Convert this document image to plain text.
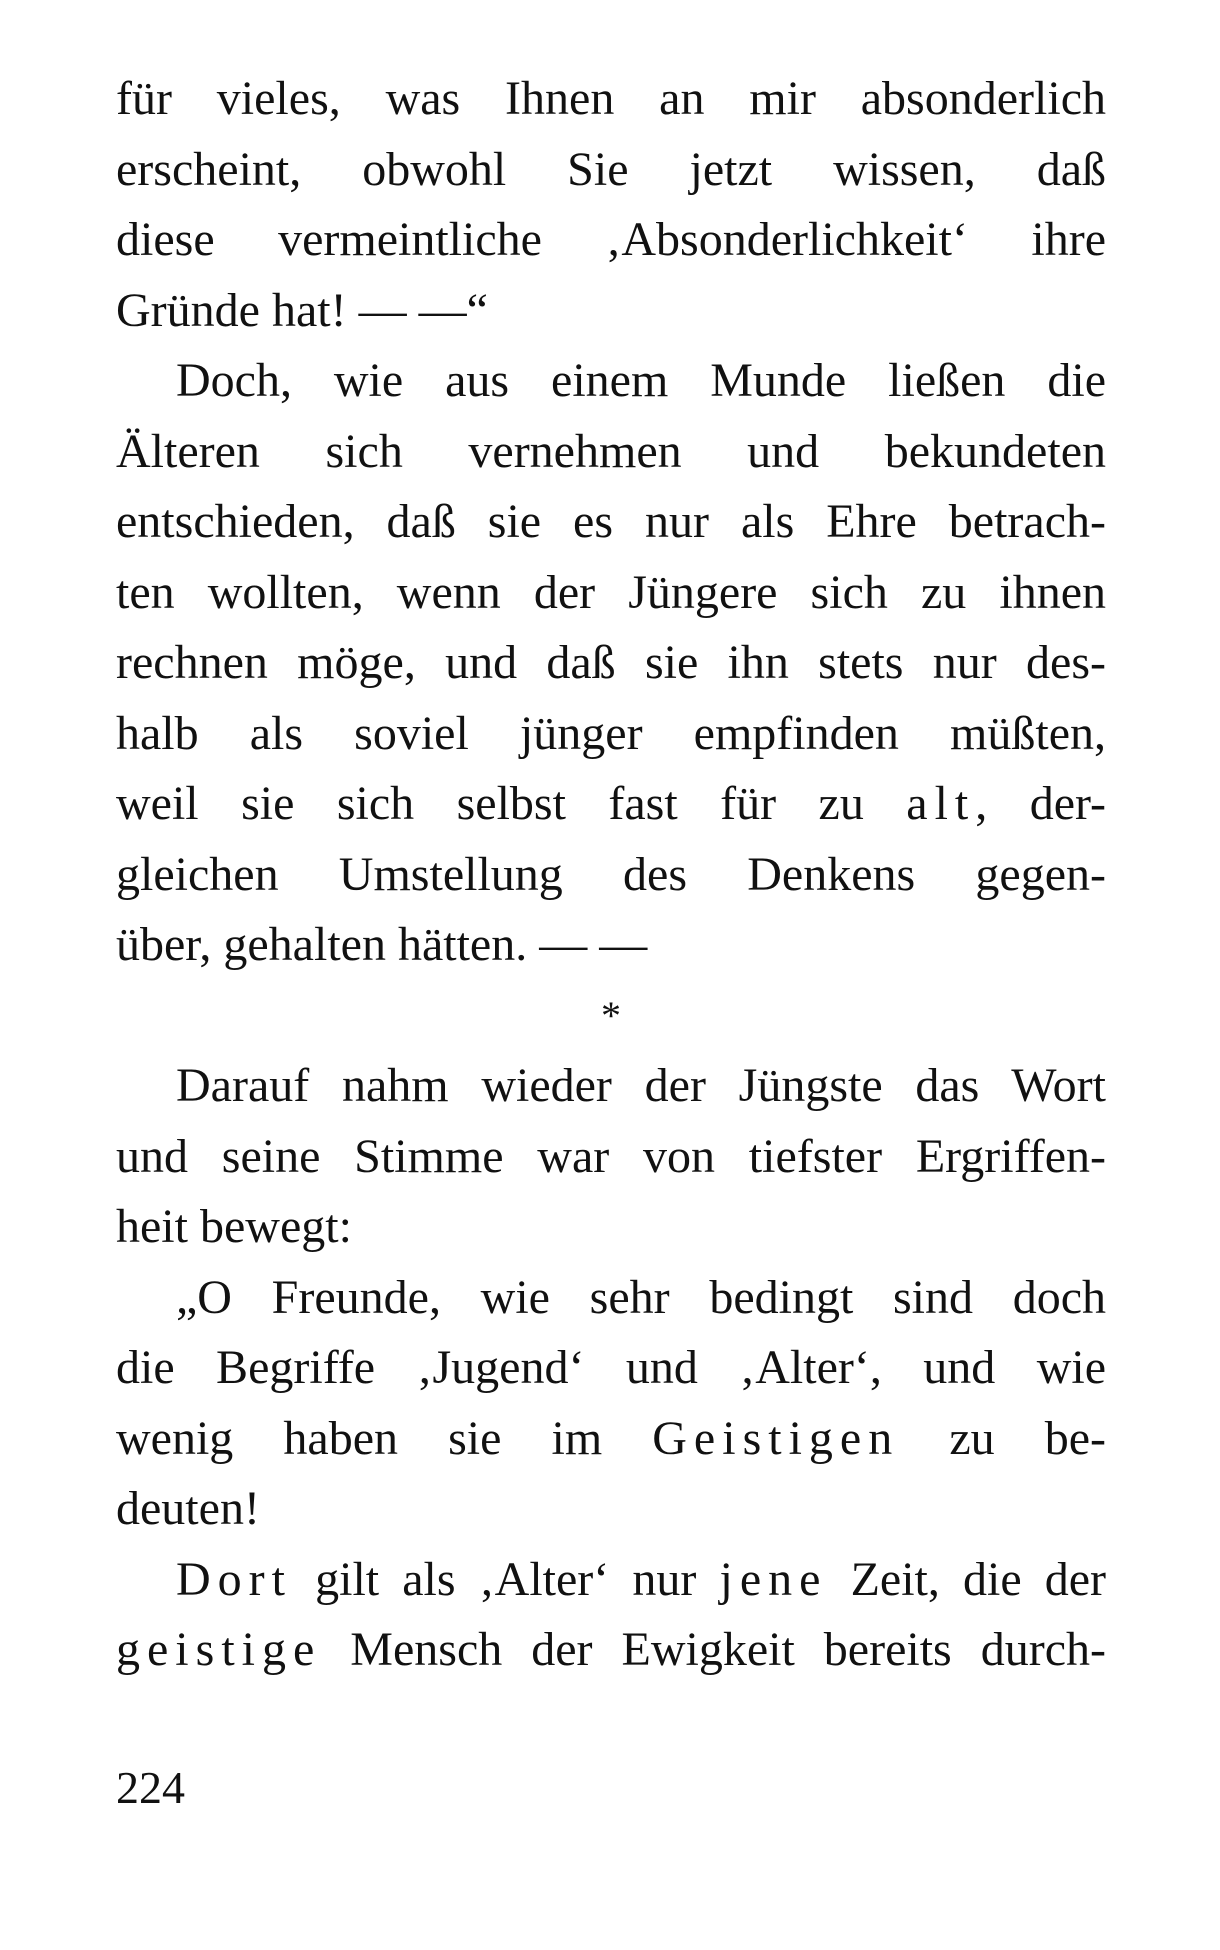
für vieles, was Ihnen an mir absonderlich
erscheint, obwohl Sie jetzt wissen, daß
diese vermeintliche ‚Absonderlichkeit‘ ihre
Gründe hat! — —“
Doch, wie aus einem Munde ließen die
Älteren sich vernehmen und bekundeten
entschieden, daß sie es nur als Ehre betrach-
ten wollten, wenn der Jüngere sich zu ihnen
rechnen möge, und daß sie ihn stets nur des-
halb als soviel jünger empfinden müßten,
weil sie sich selbst fast für zu alt, der-
gleichen Umstellung des Denkens gegen-
über, gehalten hätten. — —
*
Darauf nahm wieder der Jüngste das Wort
und seine Stimme war von tiefster Ergriffen-
heit bewegt:
„O Freunde, wie sehr bedingt sind doch
die Begriffe ‚Jugend‘ und ‚Alter‘, und wie
wenig haben sie im Geistigen zu be-
deuten!
Dort gilt als ‚Alter‘ nur jene Zeit, die der
geistige Mensch der Ewigkeit bereits durch-
224
